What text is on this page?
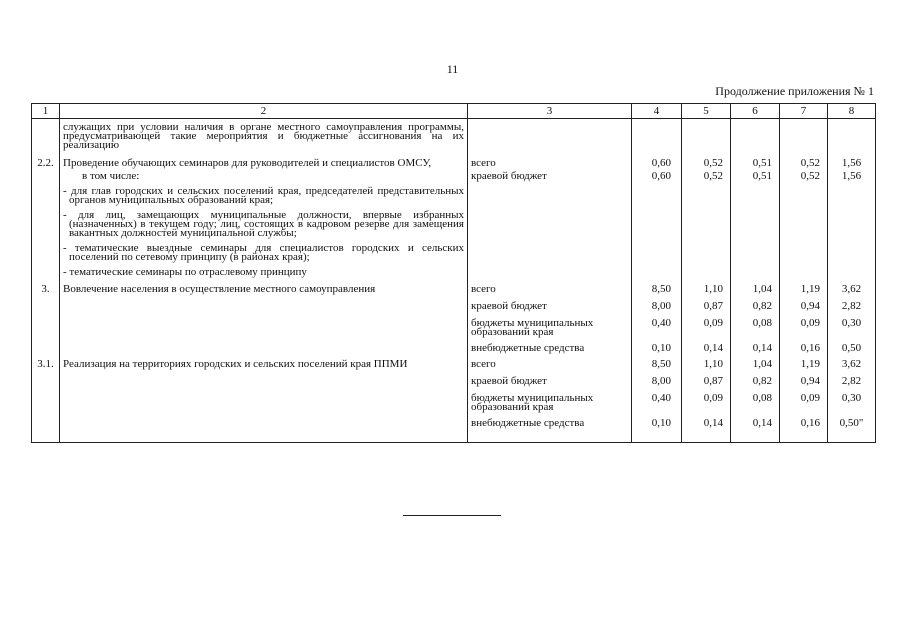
11
Продолжение приложения № 1
1	2	3	4	5	6	7	8
	служащих при условии наличия в органе местного самоуправления программы, предусматривающей такие мероприятия и бюджетные ассигнования на их реализацию						
2.2.	Проведение обучающих семинаров для руководителей и специалистов ОМСУ,	всего	0,60	0,52	0,51	0,52	1,56
	в том числе:	краевой бюджет	0,60	0,52	0,51	0,52	1,56

	- для глав городских и сельских поселений края, председателей представительных органов муниципальных образований края;						

	- для лиц, замещающих муниципальные должности, впервые избранных (назначенных) в текущем году; лиц, состоящих в кадровом резерве для замещения вакантных должностей муниципальной службы;						

	- тематические выездные семинары для специалистов городских и сельских поселений по сетевому принципу (в районах края);						

	- тематические семинары по отраслевому принципу						

3.	Вовлечение населения в осуществление местного самоуправления	всего	8,50	1,10	1,04	1,19	3,62
		краевой бюджет	8,00	0,87	0,82	0,94	2,82
		бюджеты муниципальных образований края	0,40	0,09	0,08	0,09	0,30
		внебюджетные средства	0,10	0,14	0,14	0,16	0,50
3.1.	Реализация на территориях городских и сельских поселений края ППМИ	всего	8,50	1,10	1,04	1,19	3,62
		краевой бюджет	8,00	0,87	0,82	0,94	2,82
		бюджеты муниципальных образований края	0,40	0,09	0,08	0,09	0,30
		внебюджетные средства	0,10	0,14	0,14	0,16	0,50"
